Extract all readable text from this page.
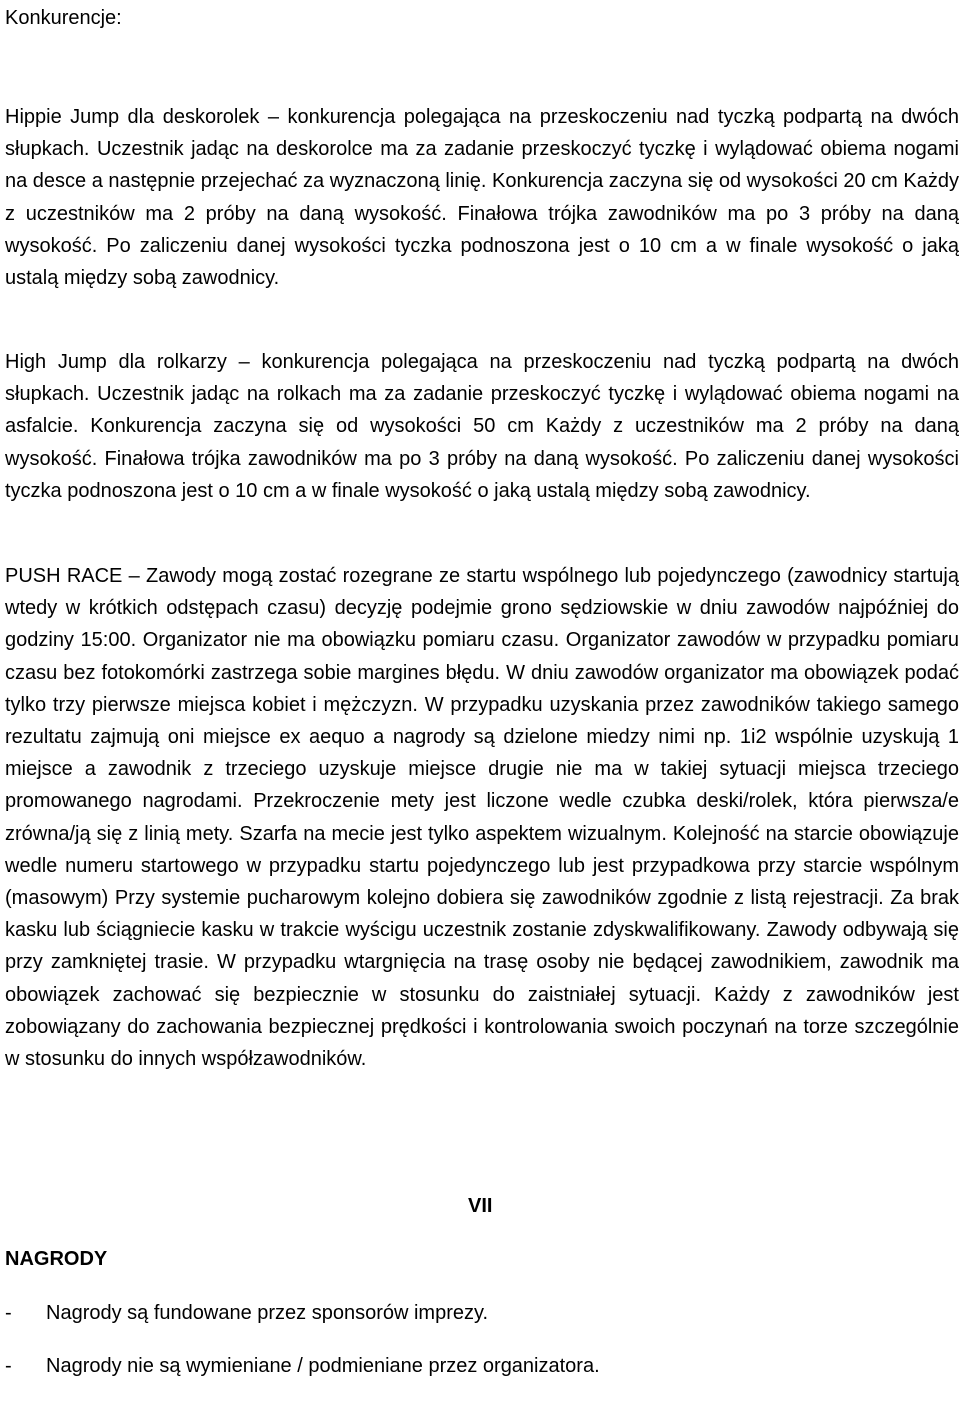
Konkurencje:

Hippie Jump dla deskorolek – konkurencja polegająca na przeskoczeniu nad tyczką podpartą na dwóch słupkach. Uczestnik jadąc na deskorolce ma za zadanie przeskoczyć tyczkę i wylądować obiema nogami na desce a następnie przejechać za wyznaczoną linię. Konkurencja zaczyna się od wysokości 20 cm Każdy z uczestników ma 2 próby na daną wysokość. Finałowa trójka zawodników ma po 3 próby na daną wysokość. Po zaliczeniu danej wysokości tyczka podnoszona jest o 10 cm a w finale wysokość o jaką ustalą między sobą zawodnicy.

High Jump dla rolkarzy – konkurencja polegająca na przeskoczeniu nad tyczką podpartą na dwóch słupkach. Uczestnik jadąc na rolkach ma za zadanie przeskoczyć tyczkę i wylądować obiema nogami na asfalcie. Konkurencja zaczyna się od wysokości 50 cm Każdy z uczestników ma 2 próby na daną wysokość. Finałowa trójka zawodników ma po 3 próby na daną wysokość. Po zaliczeniu danej wysokości tyczka podnoszona jest o 10 cm a w finale wysokość o jaką ustalą między sobą zawodnicy.

PUSH RACE – Zawody mogą zostać rozegrane ze startu wspólnego lub pojedynczego (zawodnicy startują wtedy w krótkich odstępach czasu) decyzję podejmie grono sędziowskie w dniu zawodów najpóźniej do godziny 15:00. Organizator nie ma obowiązku pomiaru czasu. Organizator zawodów w przypadku pomiaru czasu bez fotokomórki zastrzega sobie margines błędu. W dniu zawodów organizator ma obowiązek podać tylko trzy pierwsze miejsca kobiet i mężczyzn. W przypadku uzyskania przez zawodników takiego samego rezultatu zajmują oni miejsce ex aequo a nagrody są dzielone miedzy nimi np. 1i2 wspólnie uzyskują 1 miejsce a zawodnik z trzeciego uzyskuje miejsce drugie nie ma w takiej sytuacji miejsca trzeciego promowanego nagrodami. Przekroczenie mety jest liczone wedle czubka deski/rolek, która pierwsza/e zrówna/ją się z linią mety. Szarfa na mecie jest tylko aspektem wizualnym. Kolejność na starcie obowiązuje wedle numeru startowego w przypadku startu pojedynczego lub jest przypadkowa przy starcie wspólnym (masowym) Przy systemie pucharowym kolejno dobiera się zawodników zgodnie z listą rejestracji. Za brak kasku lub ściągniecie kasku w trakcie wyścigu uczestnik zostanie zdyskwalifikowany. Zawody odbywają się przy zamkniętej trasie. W przypadku wtargnięcia na trasę osoby nie będącej zawodnikiem, zawodnik ma obowiązek zachować się bezpiecznie w stosunku do zaistniałej sytuacji. Każdy z zawodników jest zobowiązany do zachowania bezpiecznej prędkości i kontrolowania swoich poczynań na torze szczególnie w stosunku do innych współzawodników.

VII
NAGRODY
- Nagrody są fundowane przez sponsorów imprezy.
- Nagrody nie są wymieniane / podmieniane przez organizatora.
